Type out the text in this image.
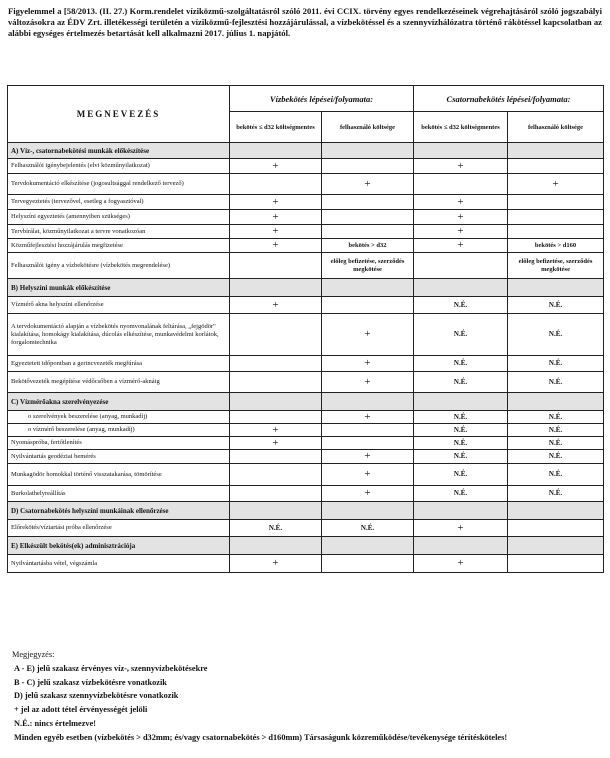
Figyelemmel a [58/2013. (II. 27.) Korm.rendelet víziközmű-szolgáltatásról szóló 2011. évi CCIX. törvény egyes rendelkezéseinek végrehajtásáról szóló jogszabályi változásokra az ÉDV Zrt. illetékességi területén a víziközmű-fejlesztési hozzájárulással, a vízbekötéssel és a szennyvízhálózatra történő rákötéssel kapcsolatban az alábbi egységes értelmezés betartását kell alkalmazni 2017. július 1. napjától.
MEGNEVEZÉS	Vízbekötés lépései/folyamata:		Csatornabekötés lépései/folyamata:	
	bekötés ≤ d32 költségmentes	felhasználó költsége	bekötés ≤ d32 költségmentes	felhasználó költsége
A) Víz-, csatornabekötési munkák előkészítése				
Felhasználói igénybejelentés (elvi közműnyilatkozat)	+		+	
Tervdokumentáció elkészítése (jogosultsággal rendelkező tervező)		+		+
Tervegyeztetés (tervezővel, esetleg a fogyasztóval)	+		+	
Helyszíni egyeztetés (amennyiben szükséges)	+		+	
Tervbírálat, közműnyilatkozat a tervre vonatkozóan	+		+	
Közműfejlesztési hozzájárulás megfizetése	+	bekötés > d32	+	bekötés > d160
Felhasználói igény a vízbekötésre (vízbekötés megrendelése)		előleg befizetése, szerződés megkötése		előleg befizetése, szerződés megkötése
B) Helyszíni munkák előkészítése				
Vízmérő akna helyszíni ellenőrzése	+		N.É.	N.É.
A tervdokumentáció alapján a vízbekötés nyomvonalának feltárása, „fejgödör" kialakítása, homokágy kialakítása, dúcolás elkészítése, munkavédelmi korlátok, forgalomtechnika		+	N.É.	N.É.
Egyeztetett időpontban a gerincvezeték megfúrása		+	N.É.	N.É.
Bekötővezeték megépítése védőcsőben a vízmérő-aknáig		+	N.É.	N.É.
C) Vízmérőakna szerelvényezése				
o szerelvények beszerelése (anyag, munkadíj)		+	N.É.	N.É.
o vízmérő beszerelése (anyag, munkadíj)	+		N.É.	N.É.
Nyomáspróba, fertőtlenítés	+		N.É.	N.É.
Nyilvántartás geodéziai bemérés		+	N.É.	N.É.
Munkagödör homokkal történő visszatakarása, tömörítése		+	N.É.	N.É.
Burkolathelyreállítás		+	N.É.	N.É.
D) Csatornabekötés helyszíni munkáinak ellenőrzése				
Előrekötés/víztartási próba ellenőrzése	N.É.	N.É.	+	
E) Elkészült bekötés(ek) adminisztrációja				
Nyilvántartásba vétel, végszámla	+		+	
Megjegyzés:
A - E) jelű szakasz érvényes víz-, szennyvízbekötésekre
B - C) jelű szakasz vízbekötésre vonatkozik
D) jelű szakasz szennyvízbekötésre vonatkozik
+ jel az adott tétel érvényességét jelöli
N.É.: nincs értelmezve!
Minden egyéb esetben (vízbekötés > d32mm; és/vagy csatornabekötés > d160mm) Társaságunk közreműködése/tevékenysége térítésköteles!
